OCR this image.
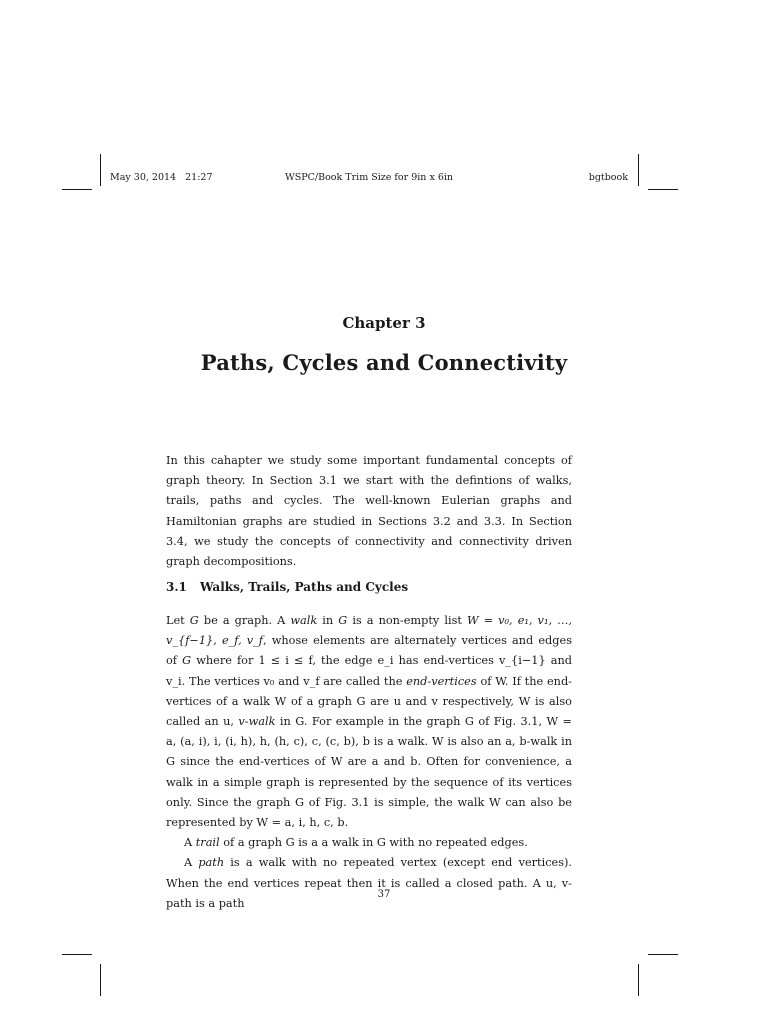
May 30, 2014   21:27	WSPC/Book Trim Size for 9in x 6in	bgtbook
Chapter 3
Paths, Cycles and Connectivity

In this cahapter we study some important fundamental concepts of graph theory. In Section 3.1 we start with the defintions of walks, trails, paths and cycles. The well-known Eulerian graphs and Hamiltonian graphs are studied in Sections 3.2 and 3.3. In Section 3.4, we study the concepts of connectivity and connectivity driven graph decompositions.

3.1 Walks, Trails, Paths and Cycles

Let G be a graph. A walk in G is a non-empty list W = v₀, e₁, v₁, …, v_{f−1}, e_f, v_f, whose elements are alternately vertices and edges of G where for 1 ≤ i ≤ f, the edge e_i has end-vertices v_{i−1} and v_i. The vertices v₀ and v_f are called the end-vertices of W. If the end-vertices of a walk W of a graph G are u and v respectively, W is also called an u, v-walk in G. For example in the graph G of Fig. 3.1, W = a, (a, i), i, (i, h), h, (h, c), c, (c, b), b is a walk. W is also an a, b-walk in G since the end-vertices of W are a and b. Often for convenience, a walk in a simple graph is represented by the sequence of its vertices only. Since the graph G of Fig. 3.1 is simple, the walk W can also be represented by W = a, i, h, c, b.

A trail of a graph G is a a walk in G with no repeated edges.

A path is a walk with no repeated vertex (except end vertices). When the end vertices repeat then it is called a closed path. A u, v-path is a path

37
